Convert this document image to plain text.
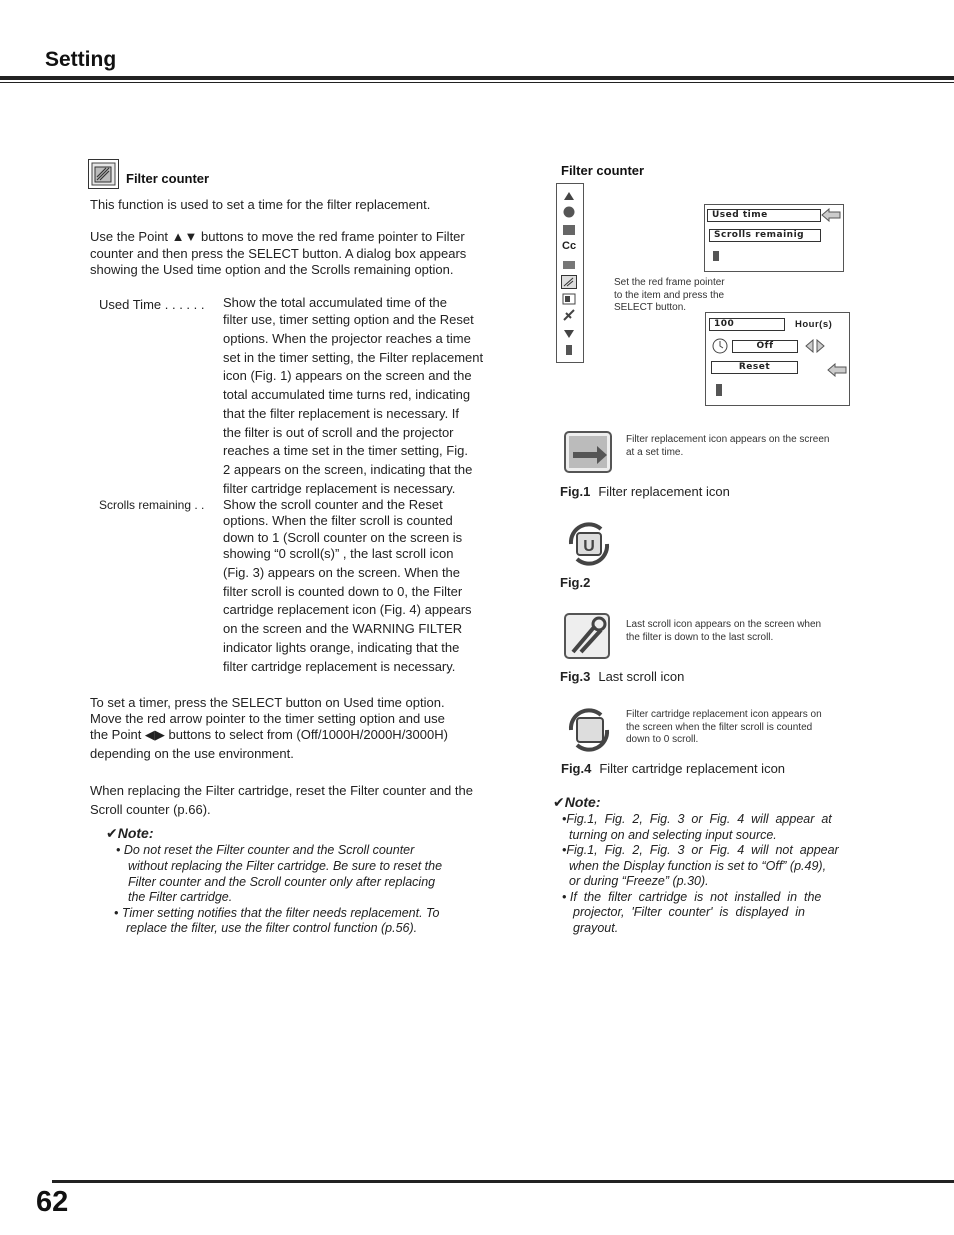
Setting
Filter counter
This function is used to set a time for the filter replacement.
Use the Point ▲▼ buttons to move the red frame pointer to Filter
counter and then press the SELECT button. A dialog box appears
showing the Used time option and the Scrolls remaining option.
Used Time . . . . . . Show the total accumulated time of the
filter use, timer setting option and the Reset
options. When the projector reaches a time
set in the timer setting, the Filter replacement
icon (Fig. 1) appears on the screen and the
total accumulated time turns red, indicating
that the filter replacement is necessary. If
the filter is out of scroll and the projector
reaches a time set in the timer setting, Fig.
2 appears on the screen, indicating that the
filter cartridge replacement is necessary.
Scrolls remaining . . Show the scroll counter and the Reset
options. When the filter scroll is counted
down to 1 (Scroll counter on the screen is
showing “0 scroll(s)” , the last scroll icon
(Fig. 3) appears on the screen. When the
filter scroll is counted down to 0, the Filter
cartridge replacement icon (Fig. 4) appears
on the screen and the WARNING FILTER
indicator lights orange, indicating that the
filter cartridge replacement is necessary.
To set a timer, press the SELECT button on Used time option.
Move the red arrow pointer to the timer setting option and use
the Point ◀▶ buttons to select from (Off/1000H/2000H/3000H)
depending on the use environment.
When replacing the Filter cartridge, reset the Filter counter and the
Scroll counter (p.66).
✔Note:
• Do not reset the Filter counter and the Scroll counter
without replacing the Filter cartridge. Be sure to reset the
Filter counter and the Scroll counter only after replacing
the Filter cartridge.
• Timer setting notifies that the filter needs replacement. To
replace the filter, use the filter control function (p.56).
Filter counter
Cc
Used time
Scrolls remainig
Set the red frame pointer
to the item and press the
SELECT button.
100	Hour(s)
Off
Reset
Filter replacement icon appears on the screen
at a set time.
Fig.1 Filter replacement icon
U
Fig.2
Last scroll icon appears on the screen when
the filter is down to the last scroll.
Fig.3 Last scroll icon
Filter cartridge replacement icon appears on
the screen when the filter scroll is counted
down to 0 scroll.
Fig.4 Filter cartridge replacement icon
✔Note:
•Fig.1,  Fig.  2,  Fig.  3  or  Fig.  4  will  appear  at
turning on and selecting input source.
•Fig.1,  Fig.  2,  Fig.  3  or  Fig.  4  will  not  appear
when the Display function is set to “Off” (p.49),
or during “Freeze” (p.30).
• If  the  filter  cartridge  is  not  installed  in  the
projector,  'Filter  counter'  is  displayed  in
grayout.
62
